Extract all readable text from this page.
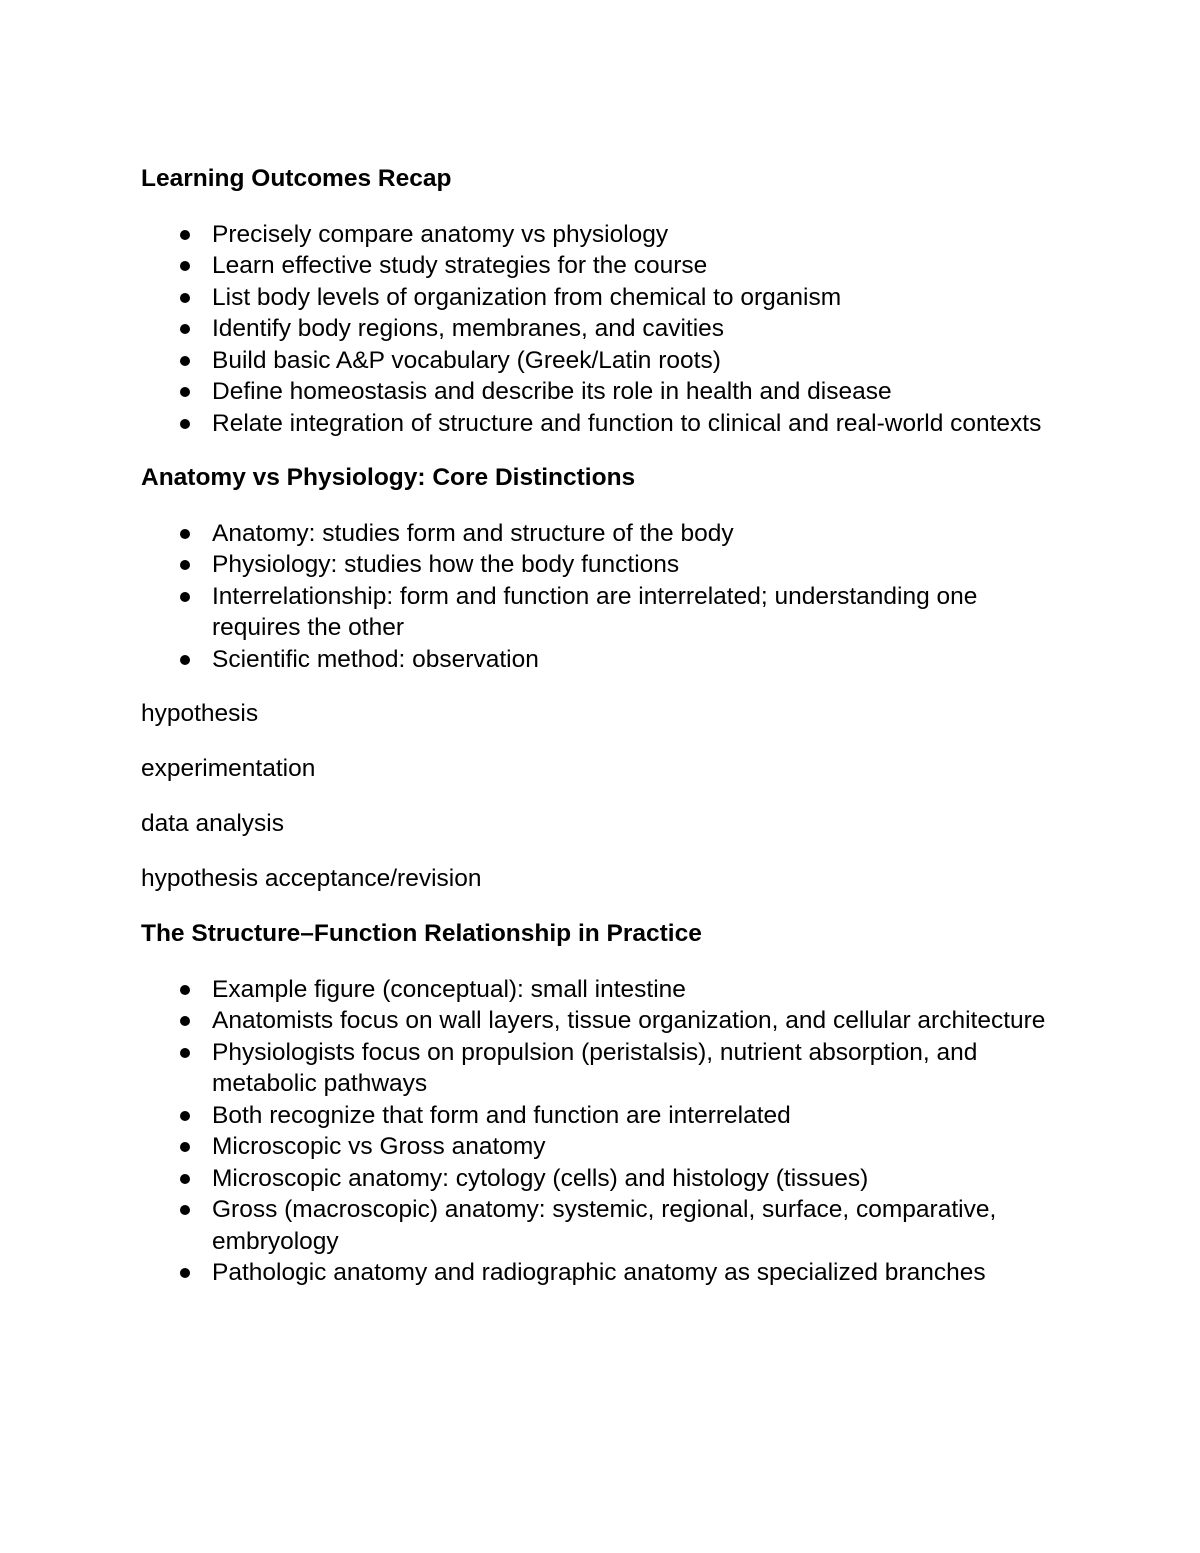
Learning Outcomes Recap
Precisely compare anatomy vs physiology
Learn effective study strategies for the course
List body levels of organization from chemical to organism
Identify body regions, membranes, and cavities
Build basic A&P vocabulary (Greek/Latin roots)
Define homeostasis and describe its role in health and disease
Relate integration of structure and function to clinical and real-world contexts
Anatomy vs Physiology: Core Distinctions
Anatomy: studies form and structure of the body
Physiology: studies how the body functions
Interrelationship: form and function are interrelated; understanding one requires the other
Scientific method: observation

hypothesis

experimentation

data analysis

hypothesis acceptance/revision

The Structure–Function Relationship in Practice
Example figure (conceptual): small intestine
Anatomists focus on wall layers, tissue organization, and cellular architecture
Physiologists focus on propulsion (peristalsis), nutrient absorption, and metabolic pathways
Both recognize that form and function are interrelated
Microscopic vs Gross anatomy
Microscopic anatomy: cytology (cells) and histology (tissues)
Gross (macroscopic) anatomy: systemic, regional, surface, comparative, embryology
Pathologic anatomy and radiographic anatomy as specialized branches
